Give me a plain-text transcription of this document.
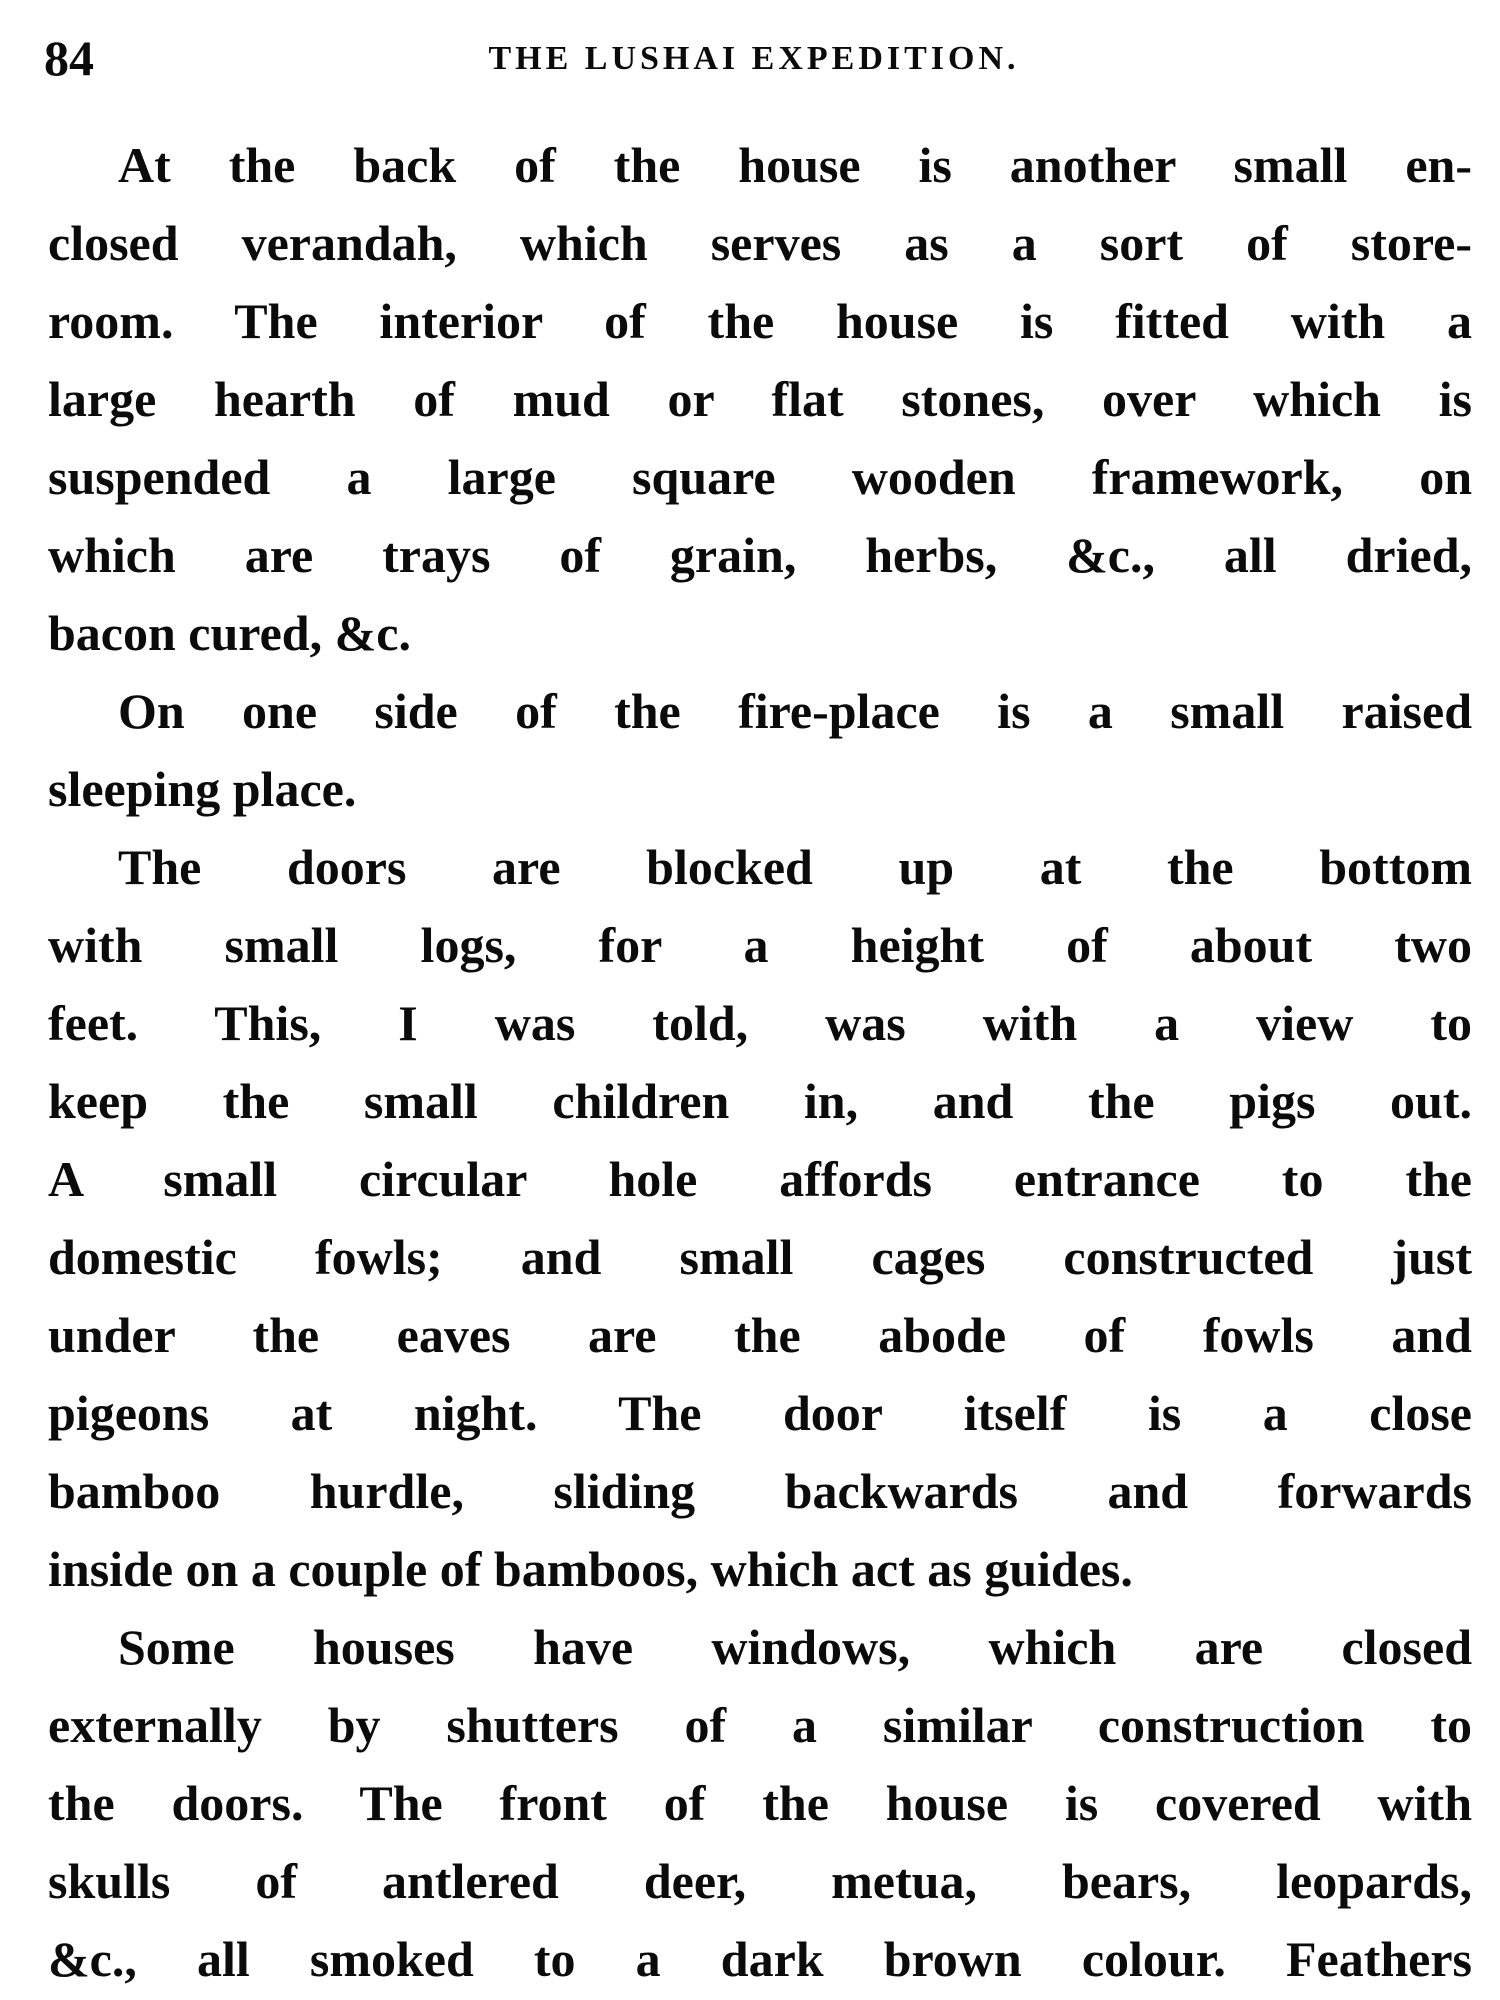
84	THE LUSHAI EXPEDITION.
At the back of the house is another small en-
closed verandah, which serves as a sort of store-
room. The interior of the house is fitted with a
large hearth of mud or flat stones, over which is
suspended a large square wooden framework, on
which are trays of grain, herbs, &c., all dried,
bacon cured, &c.
On one side of the fire-place is a small raised
sleeping place.
The doors are blocked up at the bottom
with small logs, for a height of about two
feet. This, I was told, was with a view to
keep the small children in, and the pigs out.
A small circular hole affords entrance to the
domestic fowls; and small cages constructed just
under the eaves are the abode of fowls and
pigeons at night. The door itself is a close
bamboo hurdle, sliding backwards and forwards
inside on a couple of bamboos, which act as guides.
Some houses have windows, which are closed
externally by shutters of a similar construction to
the doors. The front of the house is covered with
skulls of antlered deer, metua, bears, leopards,
&c., all smoked to a dark brown colour. Feathers
